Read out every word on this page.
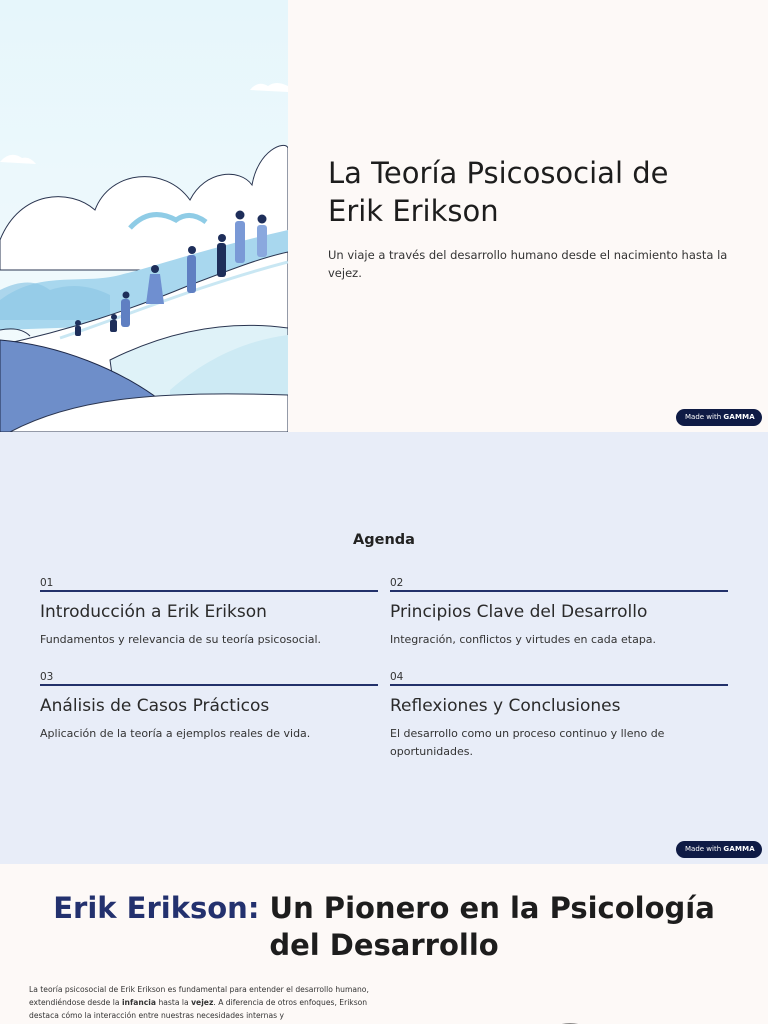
La Teoría Psicosocial de Erik Erikson

Un viaje a través del desarrollo humano desde el nacimiento hasta la vejez.

Made with GAMMA
Agenda
01
Introducción a Erik Erikson
Fundamentos y relevancia de su teoría psicosocial.
02
Principios Clave del Desarrollo
Integración, conflictos y virtudes en cada etapa.
03
Análisis de Casos Prácticos
Aplicación de la teoría a ejemplos reales de vida.
04
Reflexiones y Conclusiones
El desarrollo como un proceso continuo y lleno de oportunidades.
Made with GAMMA
Erik Erikson: Un Pionero en la Psicología del Desarrollo

La teoría psicosocial de Erik Erikson es fundamental para entender el desarrollo humano, extendiéndose desde la infancia hasta la vejez. A diferencia de otros enfoques, Erikson destaca cómo la interacción entre nuestras necesidades internas y
